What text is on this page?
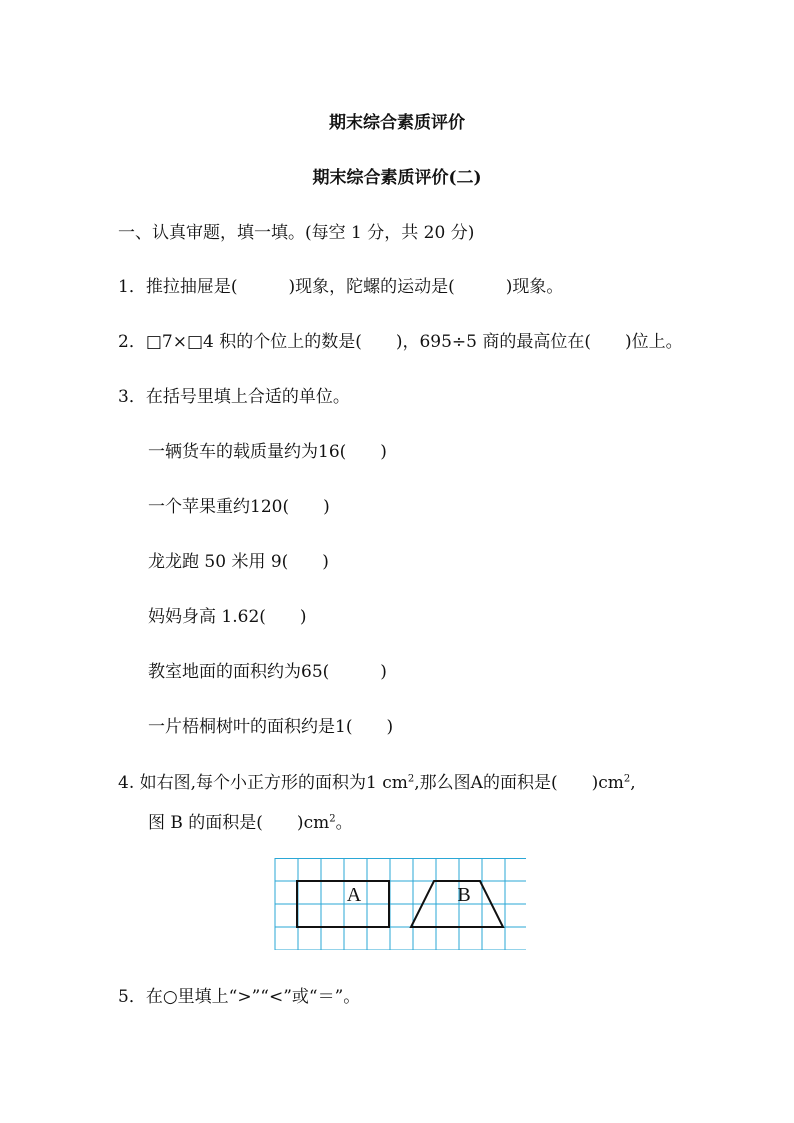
期末综合素质评价
期末综合素质评价(二)
一、认真审题，填一填。(每空 1 分，共 20 分)
1．推拉抽屉是(　　　)现象，陀螺的运动是(　　　)现象。
2．□7×□4 积的个位上的数是(　　)，695÷5 商的最高位在(　　)位上。
3．在括号里填上合适的单位。
一辆货车的载质量约为16(　　)
一个苹果重约120(　　)
龙龙跑 50 米用 9(　　)
妈妈身高 1.62(　　)
教室地面的面积约为65(　　　)
一片梧桐树叶的面积约是1(　　)
4. 如右图,每个小正方形的面积为1 $cm^2$,那么图A的面积是(　　)$cm^2$,
图 B 的面积是(　　)$cm^2$。
A	B
5．在○里填上“>”“<”或“＝”。
